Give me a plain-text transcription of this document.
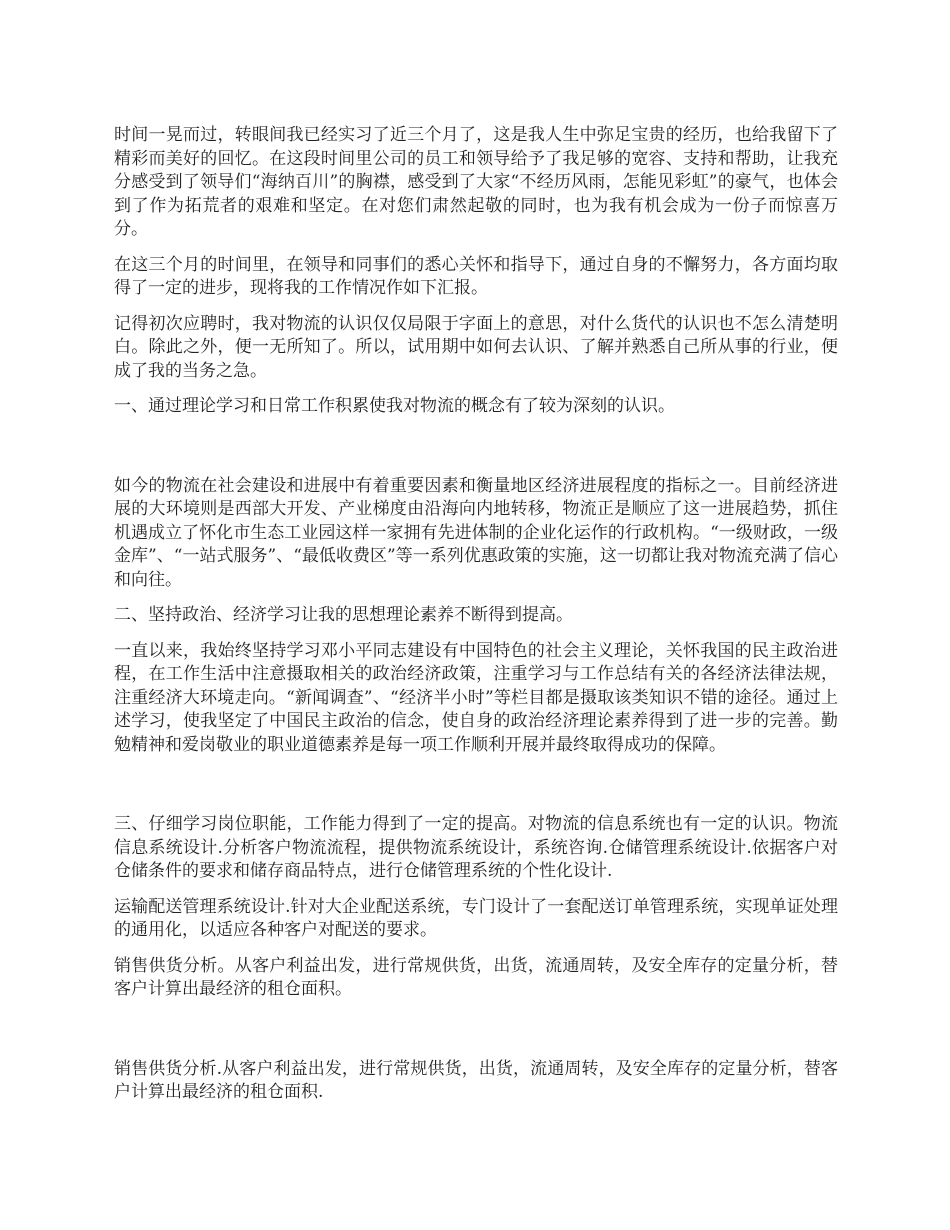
时间一晃而过，转眼间我已经实习了近三个月了，这是我人生中弥足宝贵的经历，也给我留下了精彩而美好的回忆。在这段时间里公司的员工和领导给予了我足够的宽容、支持和帮助，让我充分感受到了领导们“海纳百川”的胸襟，感受到了大家“不经历风雨，怎能见彩虹”的豪气，也体会到了作为拓荒者的艰难和坚定。在对您们肃然起敬的同时，也为我有机会成为一份子而惊喜万分。

在这三个月的时间里，在领导和同事们的悉心关怀和指导下，通过自身的不懈努力，各方面均取得了一定的进步，现将我的工作情况作如下汇报。

记得初次应聘时，我对物流的认识仅仅局限于字面上的意思，对什么货代的认识也不怎么清楚明白。除此之外，便一无所知了。所以，试用期中如何去认识、了解并熟悉自己所从事的行业，便成了我的当务之急。

一、通过理论学习和日常工作积累使我对物流的概念有了较为深刻的认识。

如今的物流在社会建设和进展中有着重要因素和衡量地区经济进展程度的指标之一。目前经济进展的大环境则是西部大开发、产业梯度由沿海向内地转移，物流正是顺应了这一进展趋势，抓住机遇成立了怀化市生态工业园这样一家拥有先进体制的企业化运作的行政机构。“一级财政，一级金库”、“一站式服务”、“最低收费区”等一系列优惠政策的实施，这一切都让我对物流充满了信心和向往。

二、坚持政治、经济学习让我的思想理论素养不断得到提高。

一直以来，我始终坚持学习邓小平同志建设有中国特色的社会主义理论，关怀我国的民主政治进程，在工作生活中注意摄取相关的政治经济政策，注重学习与工作总结有关的各经济法律法规，注重经济大环境走向。“新闻调查”、“经济半小时”等栏目都是摄取该类知识不错的途径。通过上述学习，使我坚定了中国民主政治的信念，使自身的政治经济理论素养得到了进一步的完善。勤勉精神和爱岗敬业的职业道德素养是每一项工作顺利开展并最终取得成功的保障。

三、仔细学习岗位职能，工作能力得到了一定的提高。对物流的信息系统也有一定的认识。物流信息系统设计.分析客户物流流程，提供物流系统设计，系统咨询.仓储管理系统设计.依据客户对仓储条件的要求和储存商品特点，进行仓储管理系统的个性化设计.

运输配送管理系统设计.针对大企业配送系统，专门设计了一套配送订单管理系统，实现单证处理的通用化，以适应各种客户对配送的要求。

销售供货分析。从客户利益出发，进行常规供货，出货，流通周转，及安全库存的定量分析，替客户计算出最经济的租仓面积。

销售供货分析.从客户利益出发，进行常规供货，出货，流通周转，及安全库存的定量分析，替客户计算出最经济的租仓面积.
